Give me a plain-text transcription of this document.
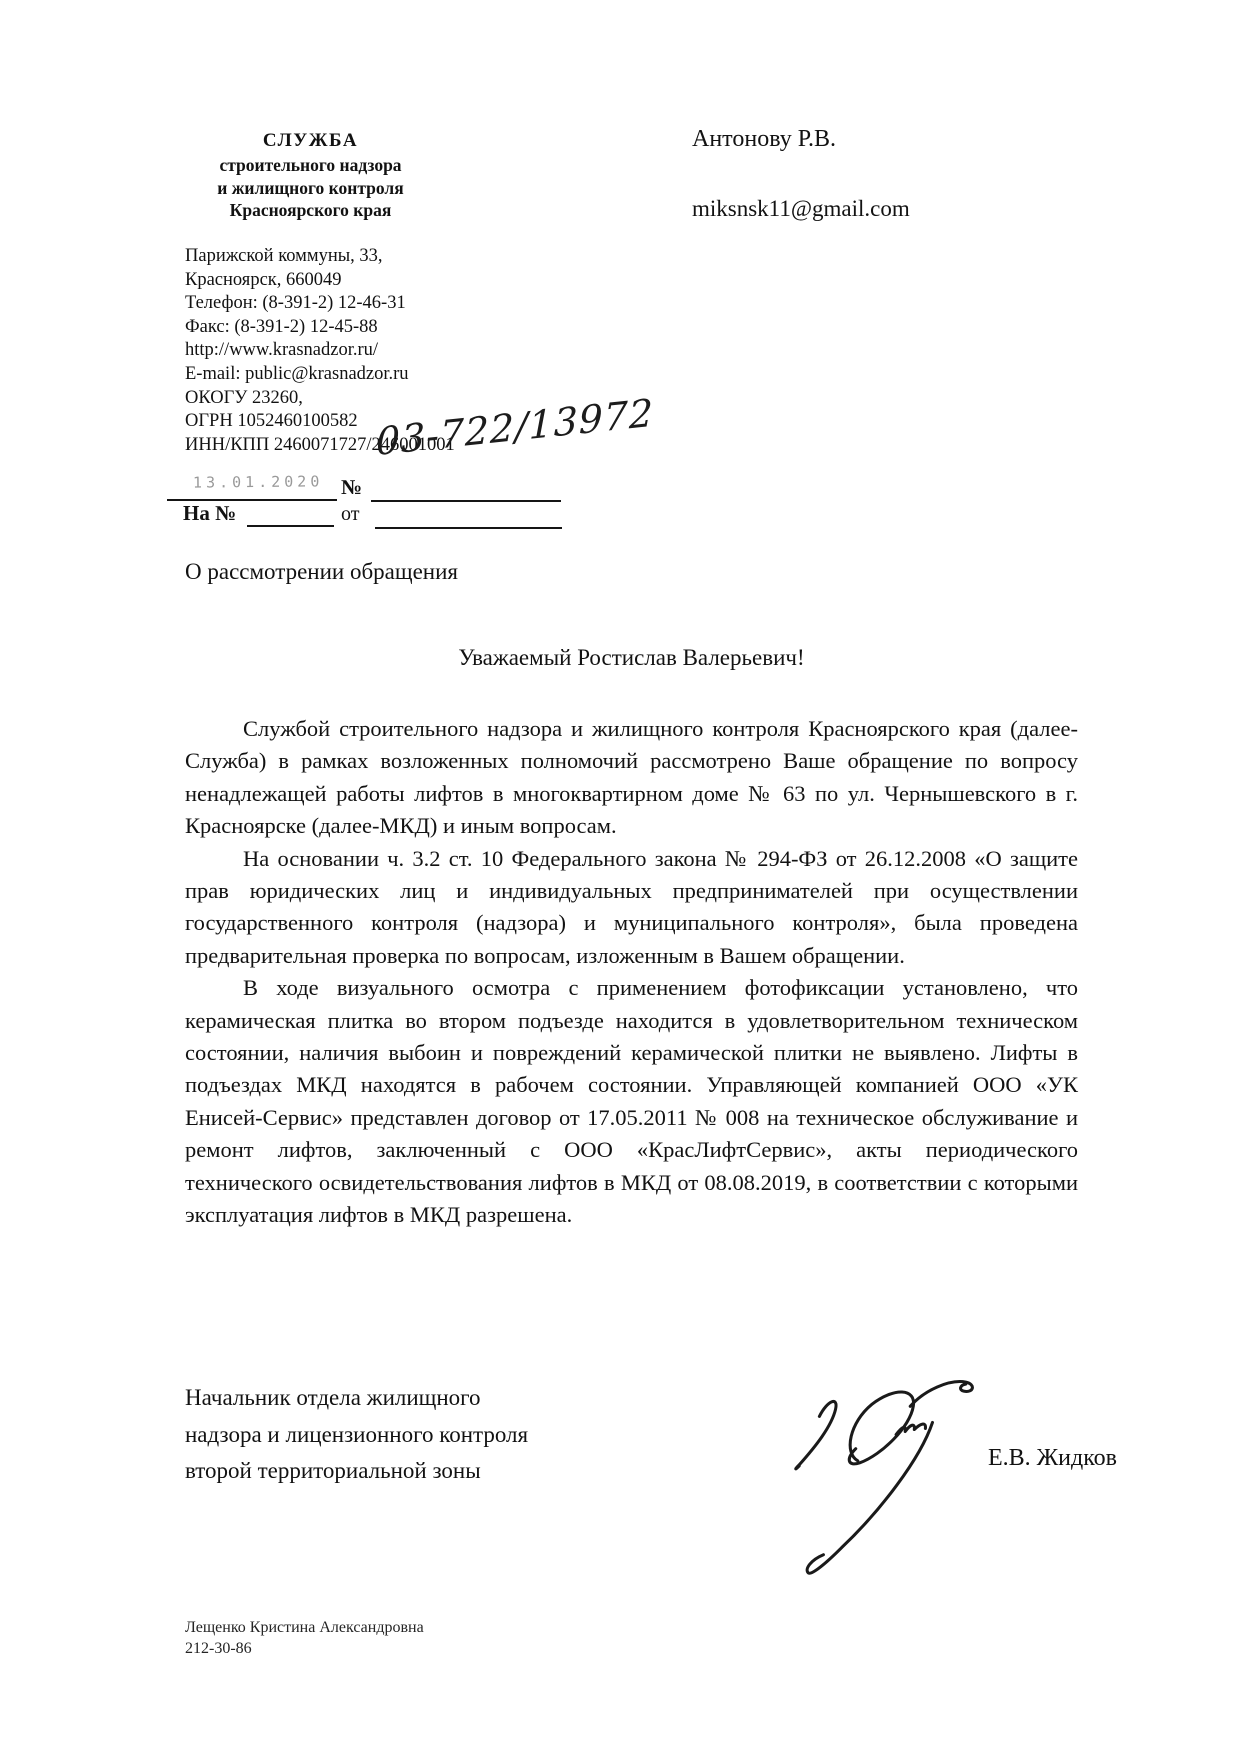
СЛУЖБА
строительного надзора
и жилищного контроля
Красноярского края
Антонову Р.В.
miksnsk11@gmail.com
Парижской коммуны, 33,
Красноярск, 660049
Телефон: (8-391-2) 12-46-31
Факс: (8-391-2) 12-45-88
http://www.krasnadzor.ru/
E-mail: public@krasnadzor.ru
ОКОГУ 23260,
ОГРН 1052460100582
ИНН/КПП 2460071727/246001001
13.01.2020 №
03-722/13972
На №	от
О рассмотрении обращения
Уважаемый Ростислав Валерьевич!

Службой строительного надзора и жилищного контроля Красноярского края (далее-Служба) в рамках возложенных полномочий рассмотрено Ваше обращение по вопросу ненадлежащей работы лифтов в многоквартирном доме № 63 по ул. Чернышевского в г. Красноярске (далее-МКД) и иным вопросам.

На основании ч. 3.2 ст. 10 Федерального закона № 294-ФЗ от 26.12.2008 «О защите прав юридических лиц и индивидуальных предпринимателей при осуществлении государственного контроля (надзора) и муниципального контроля», была проведена предварительная проверка по вопросам, изложенным в Вашем обращении.

В ходе визуального осмотра с применением фотофиксации установлено, что керамическая плитка во втором подъезде находится в удовлетворительном техническом состоянии, наличия выбоин и повреждений керамической плитки не выявлено. Лифты в подъездах МКД находятся в рабочем состоянии. Управляющей компанией ООО «УК Енисей-Сервис» представлен договор от 17.05.2011 № 008 на техническое обслуживание и ремонт лифтов, заключенный с ООО «КрасЛифтСервис», акты периодического технического освидетельствования лифтов в МКД от 08.08.2019, в соответствии с которыми эксплуатация лифтов в МКД разрешена.

Начальник отдела жилищного
надзора и лицензионного контроля
второй территориальной зоны	Е.В. Жидков
Лещенко Кристина Александровна
212-30-86
